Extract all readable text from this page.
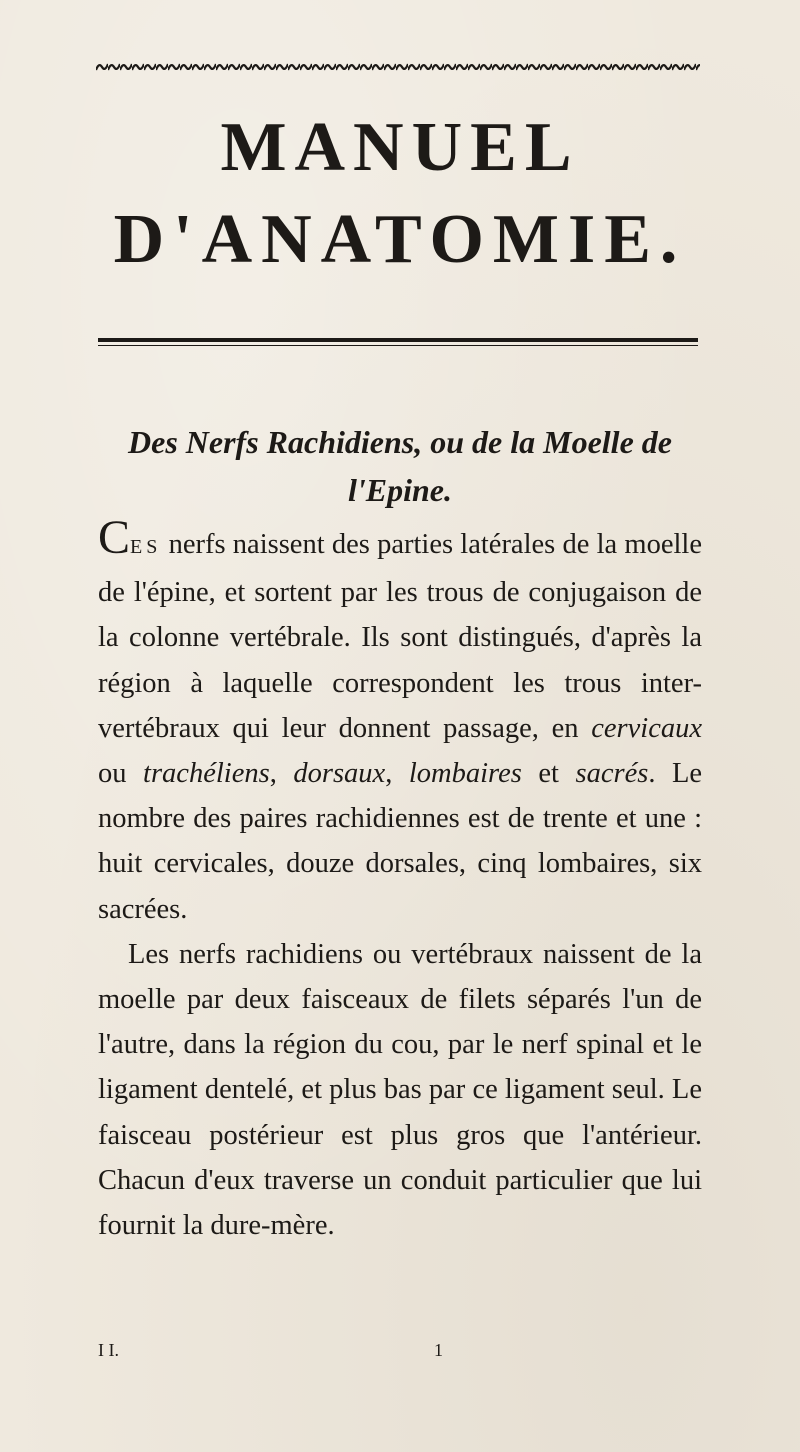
MANUEL
D'ANATOMIE.
Des Nerfs Rachidiens, ou de la Moelle de
l'Epine.

CES nerfs naissent des parties latérales de la moelle de l'épine, et sortent par les trous de conjugaison de la colonne vertébrale. Ils sont distingués, d'après la région à laquelle correspondent les trous inter-vertébraux qui leur donnent passage, en cervicaux ou trachéliens, dorsaux, lombaires et sacrés. Le nombre des paires rachidiennes est de trente et une : huit cervicales, douze dorsales, cinq lombaires, six sacrées.

Les nerfs rachidiens ou vertébraux naissent de la moelle par deux faisceaux de filets séparés l'un de l'autre, dans la région du cou, par le nerf spinal et le ligament dentelé, et plus bas par ce ligament seul. Le faisceau postérieur est plus gros que l'antérieur. Chacun d'eux traverse un conduit particulier que lui fournit la dure-mère.

I I.	1
